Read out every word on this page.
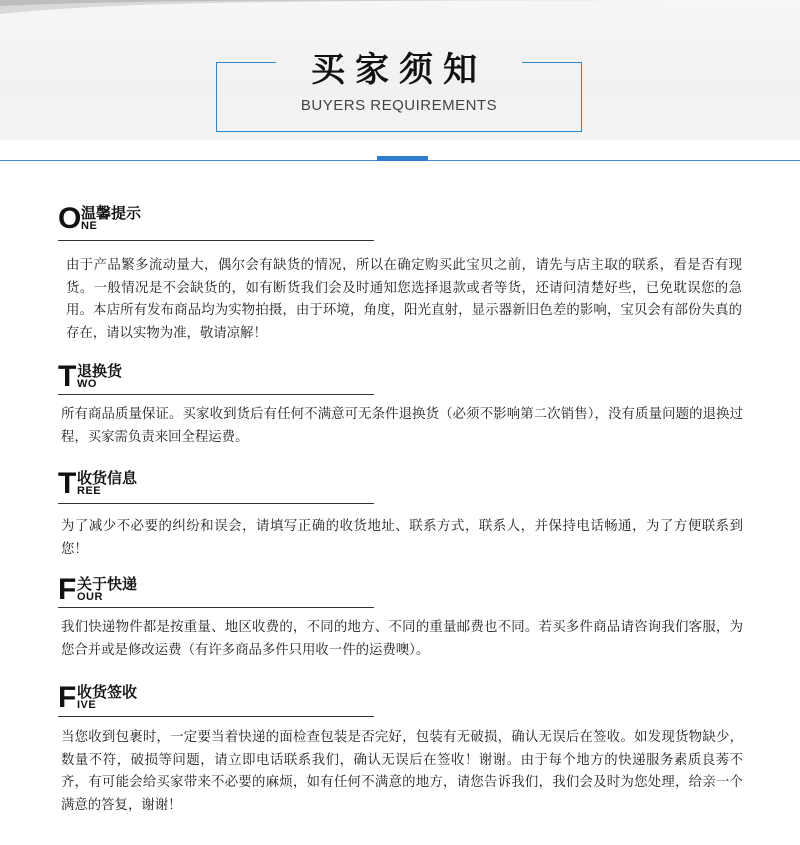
买家须知
BUYERS REQUIREMENTS
O 温馨提示
NE
由于产品繁多流动量大，偶尔会有缺货的情况，所以在确定购买此宝贝之前，请先与店主取的联系，看是否有现货。一般情况是不会缺货的，如有断货我们会及时通知您选择退款或者等货，还请问清楚好些，已免耽误您的急用。本店所有发布商品均为实物拍摄，由于环境，角度，阳光直射，显示器新旧色差的影响，宝贝会有部份失真的存在，请以实物为准，敬请凉解！
T 退换货
WO
所有商品质量保证。买家收到货后有任何不满意可无条件退换货（必须不影响第二次销售），没有质量问题的退换过程，买家需负责来回全程运费。
T 收货信息
REE
为了减少不必要的纠纷和误会，请填写正确的收货地址、联系方式，联系人，并保持电话畅通，为了方便联系到您！
F 关于快递
OUR
我们快递物件都是按重量、地区收费的，不同的地方、不同的重量邮费也不同。若买多件商品请咨询我们客服，为您合并或是修改运费（有许多商品多件只用收一件的运费噢）。
F 收货签收
IVE
当您收到包裹时，一定要当着快递的面检查包装是否完好，包装有无破损，确认无误后在签收。如发现货物缺少，数量不符，破损等问题，请立即电话联系我们，确认无误后在签收！谢谢。由于每个地方的快递服务素质良莠不齐，有可能会给买家带来不必要的麻烦，如有任何不满意的地方，请您告诉我们，我们会及时为您处理，给亲一个满意的答复，谢谢！
